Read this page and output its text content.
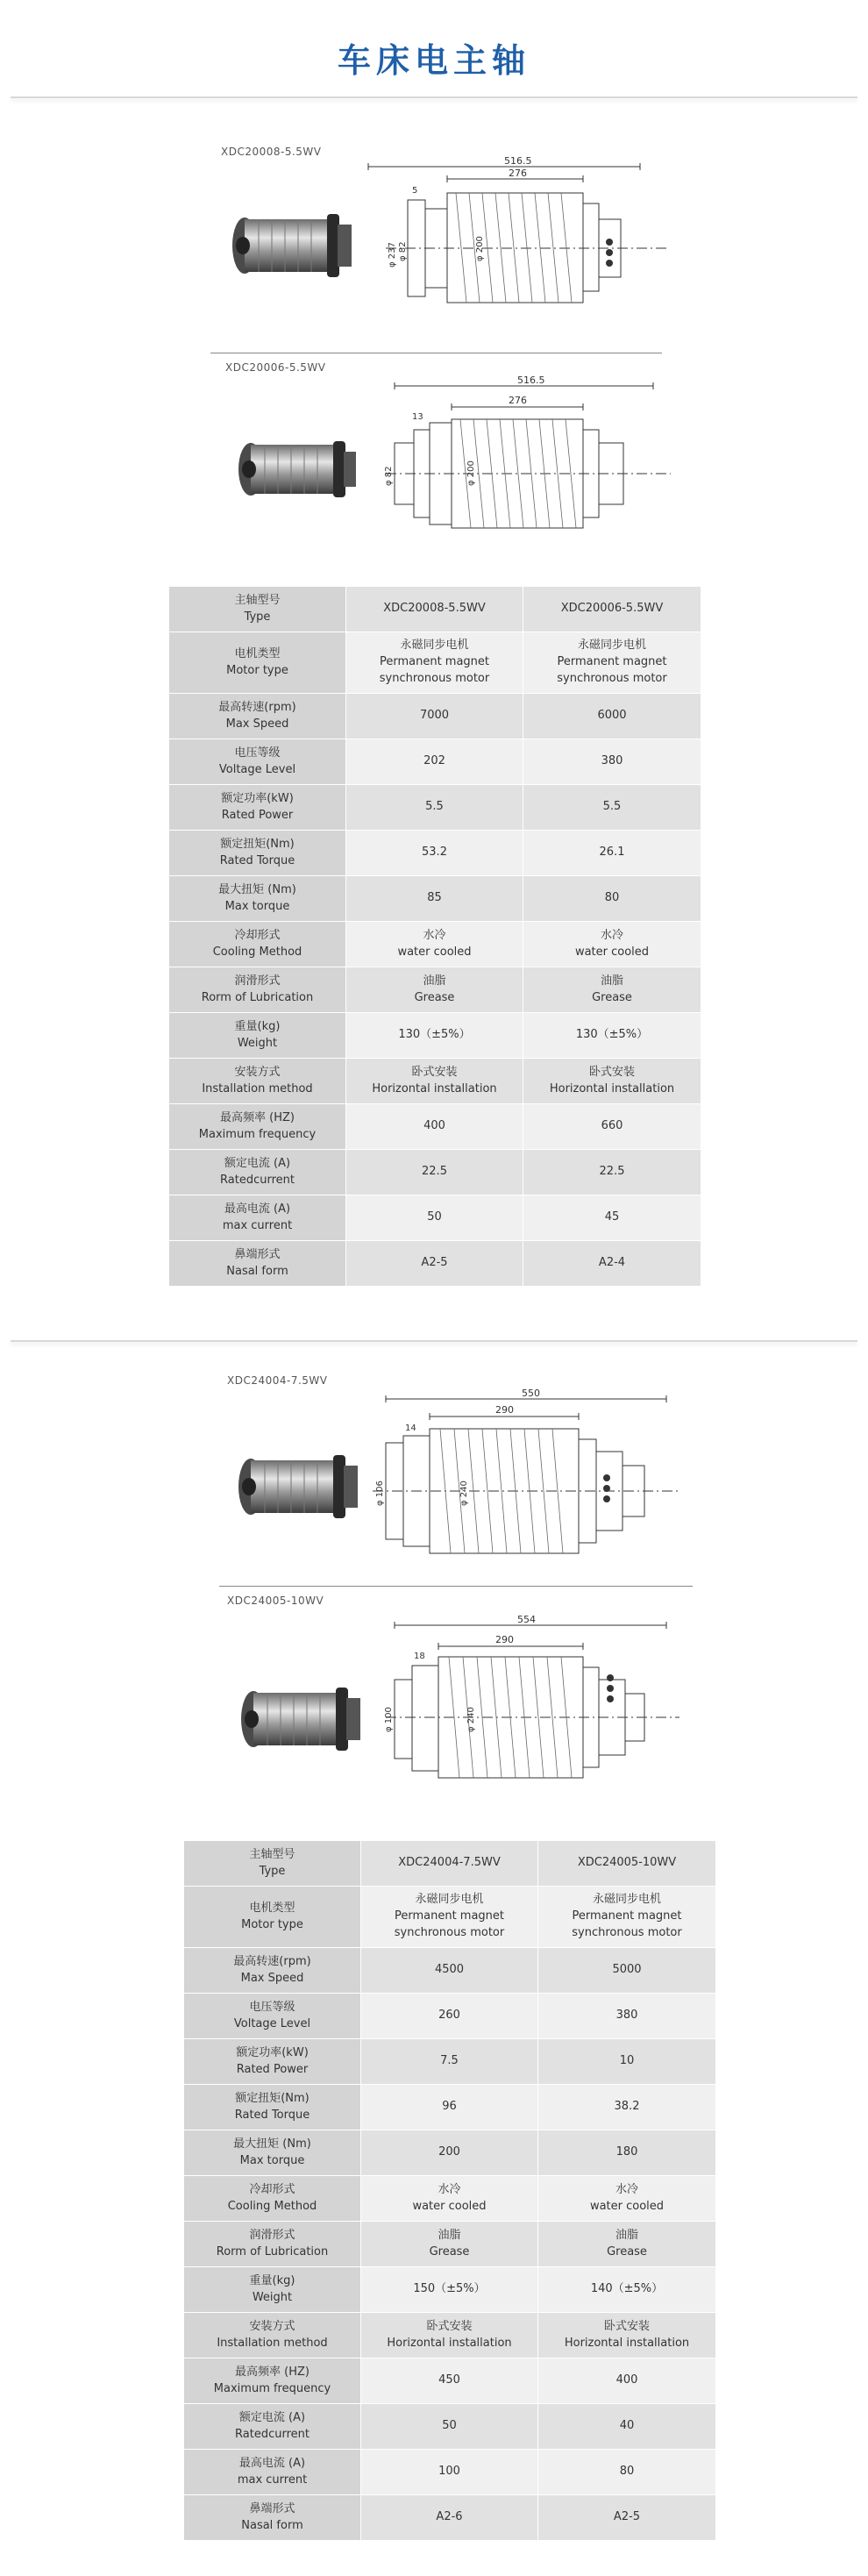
车床电主轴
XDC20008-5.5WV
516.5
276
5
φ 237 φ 82	φ 200
XDC20006-5.5WV
516.5
276
13
φ 82	φ 200
主轴型号
Type	XDC20008-5.5WV	XDC20006-5.5WV

电机类型
Motor type	永磁同步电机
Permanent magnet
synchronous motor	永磁同步电机
Permanent magnet
synchronous motor

最高转速(rpm)
Max Speed	7000	6000

电压等级
Voltage Level	202	380

额定功率(kW)
Rated Power	5.5	5.5

额定扭矩(Nm)
Rated Torque	53.2	26.1

最大扭矩 (Nm)
Max torque	85	80

冷却形式
Cooling Method	水冷
water cooled	水冷
water cooled

润滑形式
Rorm of Lubrication	油脂
Grease	油脂
Grease

重量(kg)
Weight	130（±5%）	130（±5%）

安装方式
Installation method	卧式安装
Horizontal installation	卧式安装
Horizontal installation

最高频率 (HZ)
Maximum frequency	400	660

额定电流 (A)
Ratedcurrent	22.5	22.5

最高电流 (A)
max current	50	45

鼻端形式
Nasal form	A2-5	A2-4
XDC24004-7.5WV
550
290
14
φ 106	φ 240
XDC24005-10WV
554
290
18
φ 100	φ 240
主轴型号
Type	XDC24004-7.5WV	XDC24005-10WV

电机类型
Motor type	永磁同步电机
Permanent magnet
synchronous motor	永磁同步电机
Permanent magnet
synchronous motor

最高转速(rpm)
Max Speed	4500	5000

电压等级
Voltage Level	260	380

额定功率(kW)
Rated Power	7.5	10

额定扭矩(Nm)
Rated Torque	96	38.2

最大扭矩 (Nm)
Max torque	200	180

冷却形式
Cooling Method	水冷
water cooled	水冷
water cooled

润滑形式
Rorm of Lubrication	油脂
Grease	油脂
Grease

重量(kg)
Weight	150（±5%）	140（±5%）

安装方式
Installation method	卧式安装
Horizontal installation	卧式安装
Horizontal installation

最高频率 (HZ)
Maximum frequency	450	400

额定电流 (A)
Ratedcurrent	50	40

最高电流 (A)
max current	100	80

鼻端形式
Nasal form	A2-6	A2-5
